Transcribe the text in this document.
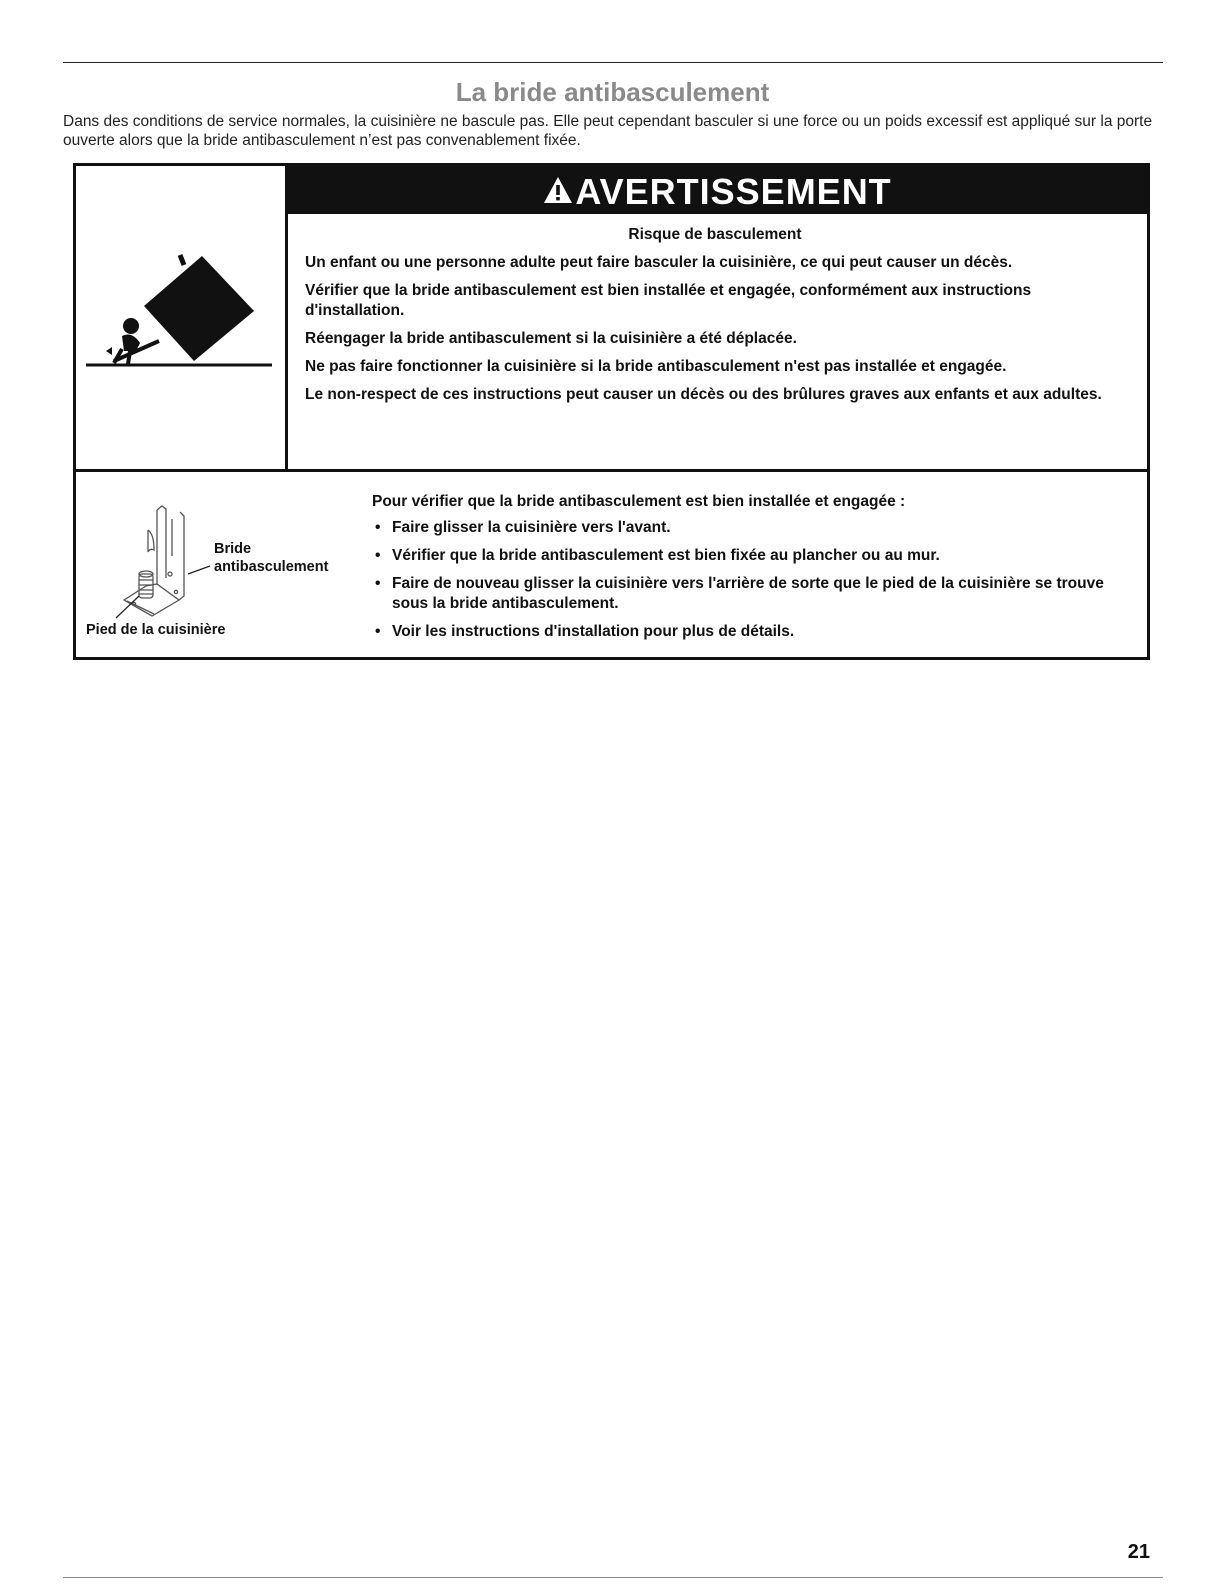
La bride antibasculement

Dans des conditions de service normales, la cuisinière ne bascule pas. Elle peut cependant basculer si une force ou un poids excessif est appliqué sur la porte ouverte alors que la bride antibasculement n’est pas convenablement fixée.

AVERTISSEMENT
Risque de basculement

Un enfant ou une personne adulte peut faire basculer la cuisinière, ce qui peut causer un décès.

Vérifier que la bride antibasculement est bien installée et engagée, conformément aux instructions d'installation.

Réengager la bride antibasculement si la cuisinière a été déplacée.

Ne pas faire fonctionner la cuisinière si la bride antibasculement n'est pas installée et engagée.

Le non-respect de ces instructions peut causer un décès ou des brûlures graves aux enfants et aux adultes.

Bride
antibasculement
Pied de la cuisinière

Pour vérifier que la bride antibasculement est bien installée et engagée :

• Faire glisser la cuisinière vers l'avant.
• Vérifier que la bride antibasculement est bien fixée au plancher ou au mur.
• Faire de nouveau glisser la cuisinière vers l'arrière de sorte que le pied de la cuisinière se trouve sous la bride antibasculement.
• Voir les instructions d'installation pour plus de détails.
21
